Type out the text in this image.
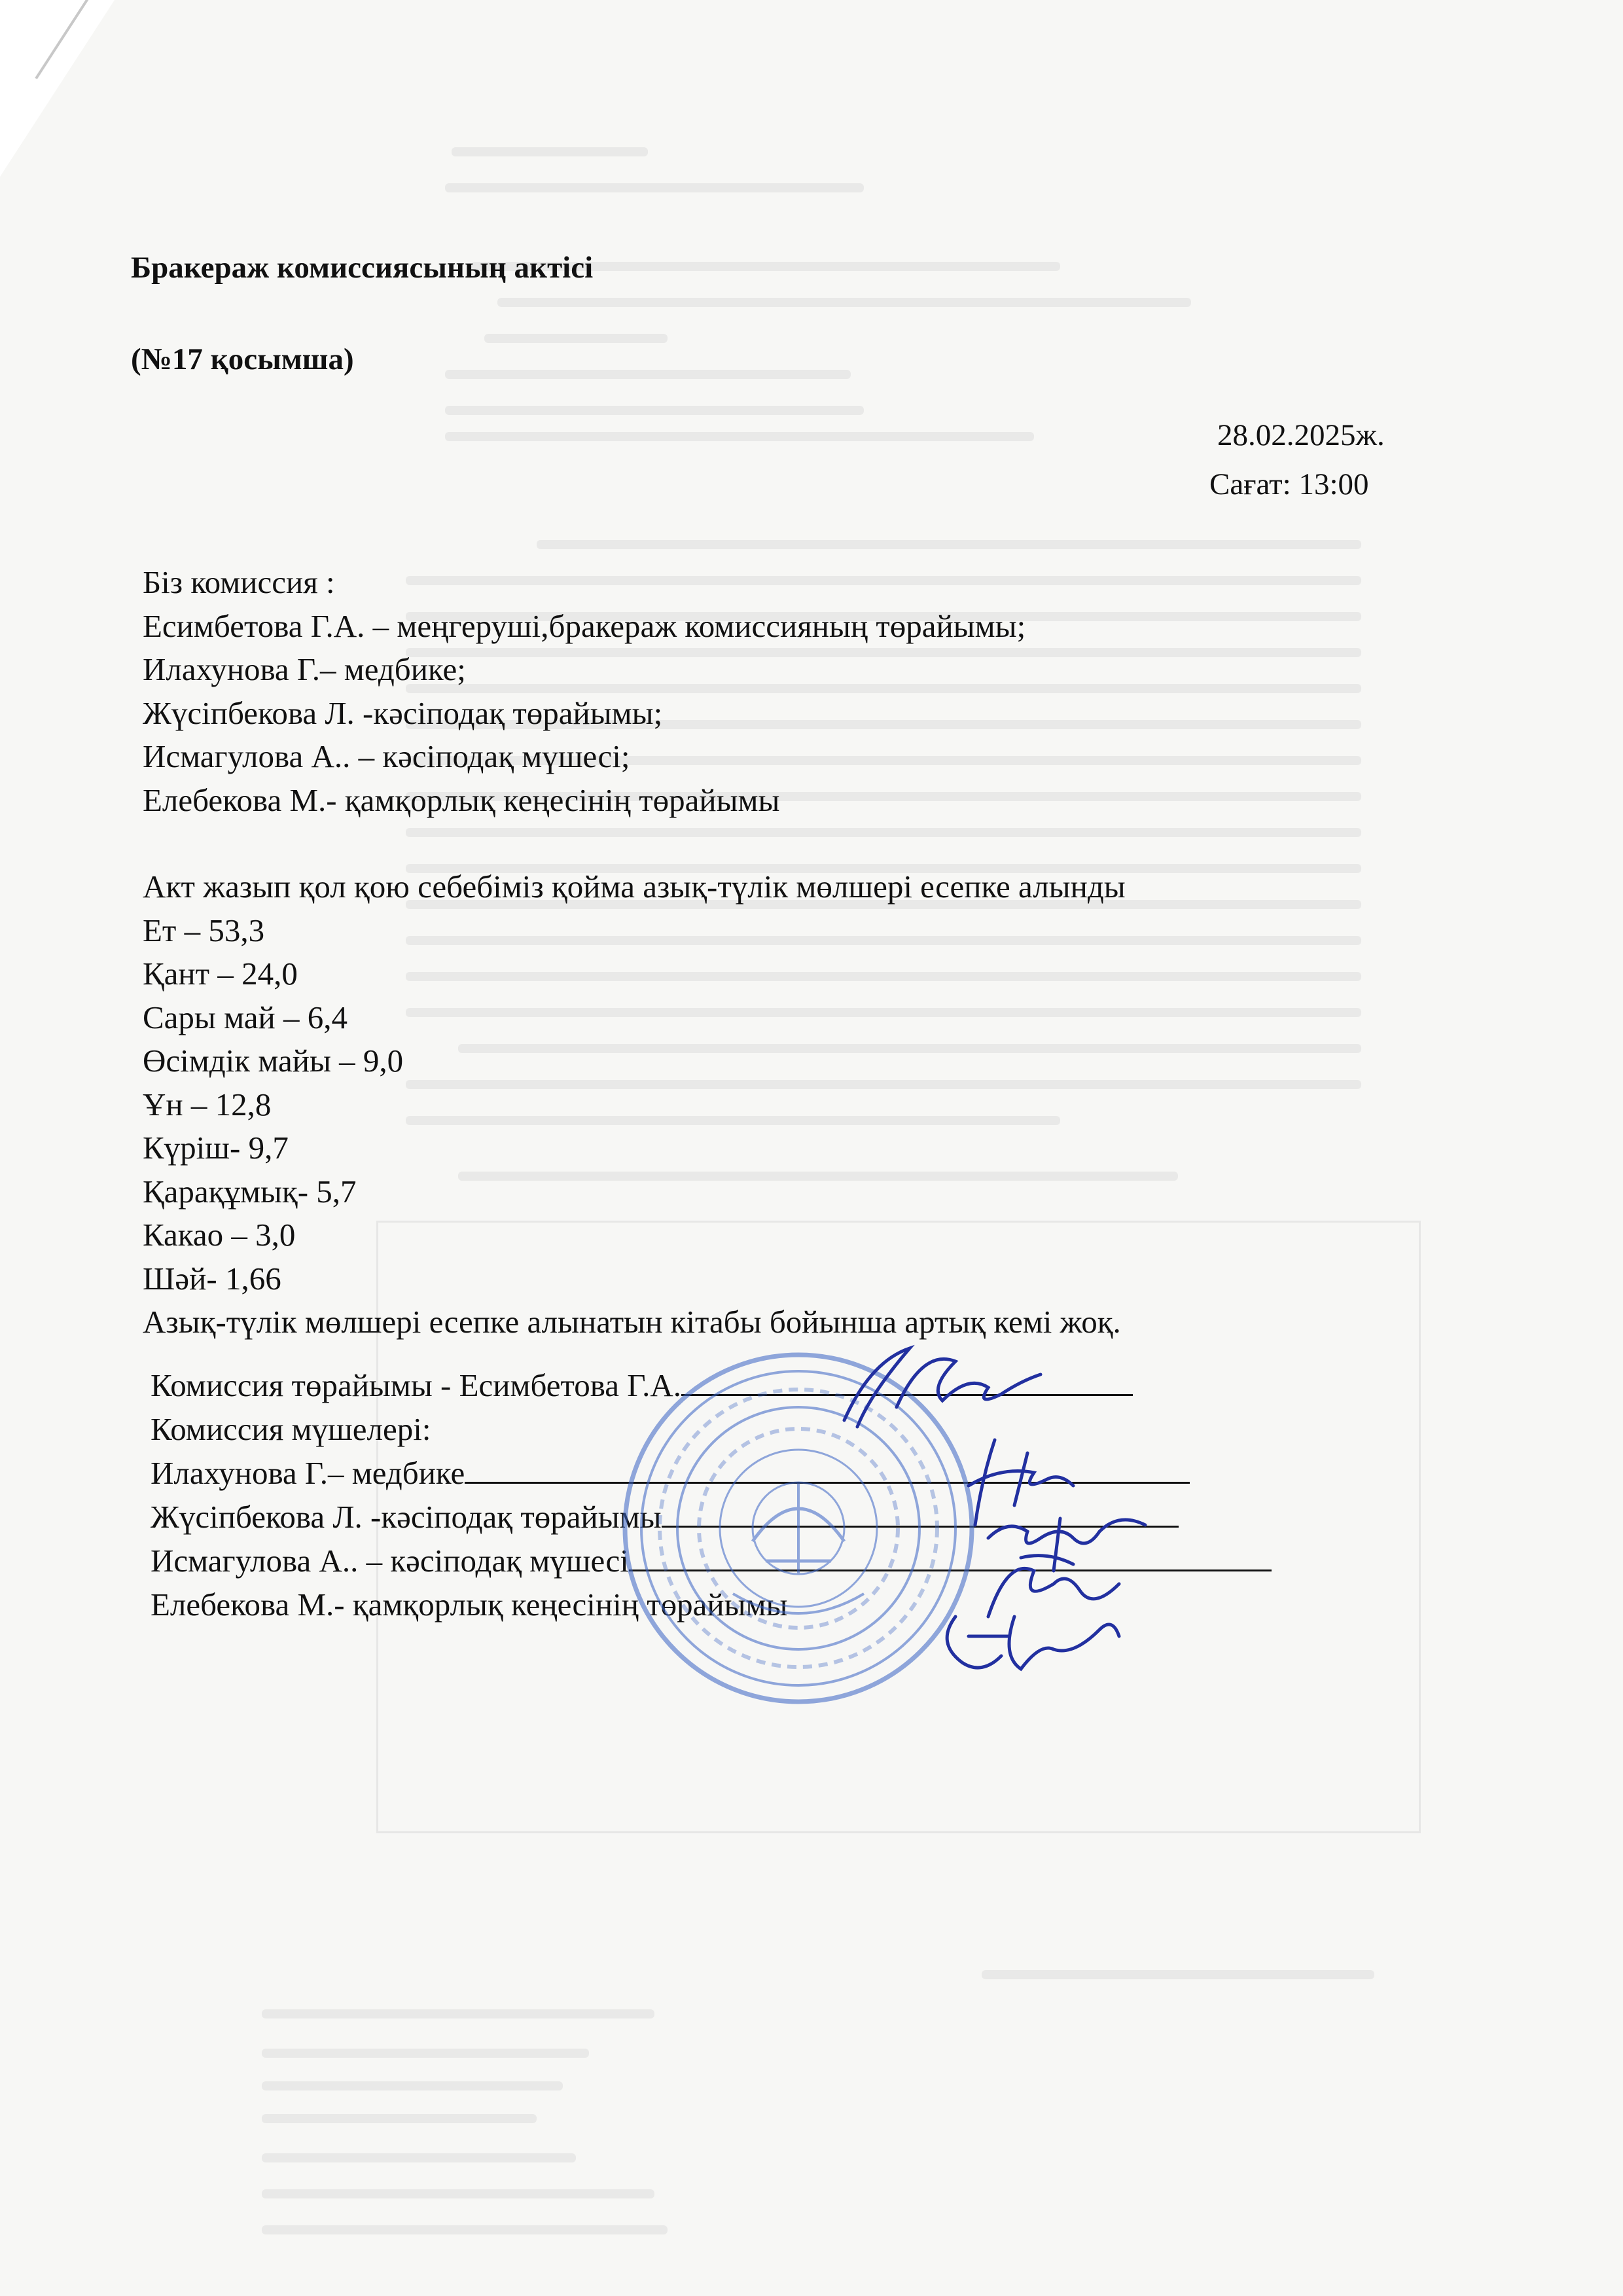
Бракераж комиссиясының актісі
(№17 қосымша)
28.02.2025ж.
Сағат: 13:00
Біз комиссия :
Есимбетова Г.А. – меңгеруші,бракераж комиссияның төрайымы;
Илахунова Г.– медбике;
Жүсіпбекова Л. -кәсіподақ төрайымы;
Исмагулова А.. – кәсіподақ мүшесі;
Елебекова М.- қамқорлық кеңесінің төрайымы
Акт жазып қол қою себебіміз қойма азық-түлік мөлшері есепке алынды
Ет – 53,3
Қант – 24,0
Сары май – 6,4
Өсімдік майы – 9,0
Ұн – 12,8
Күріш- 9,7
Қарақұмық- 5,7
Какао – 3,0
Шәй- 1,66
Азық-түлік мөлшері есепке алынатын кітабы бойынша артық кемі жоқ.
Комиссия төрайымы - Есимбетова Г.А.
Комиссия мүшелері:
Илахунова Г.– медбике
Жүсіпбекова Л. -кәсіподақ төрайымы
Исмагулова А.. – кәсіподақ мүшесі
Елебекова М.- қамқорлық кеңесінің төрайымы
